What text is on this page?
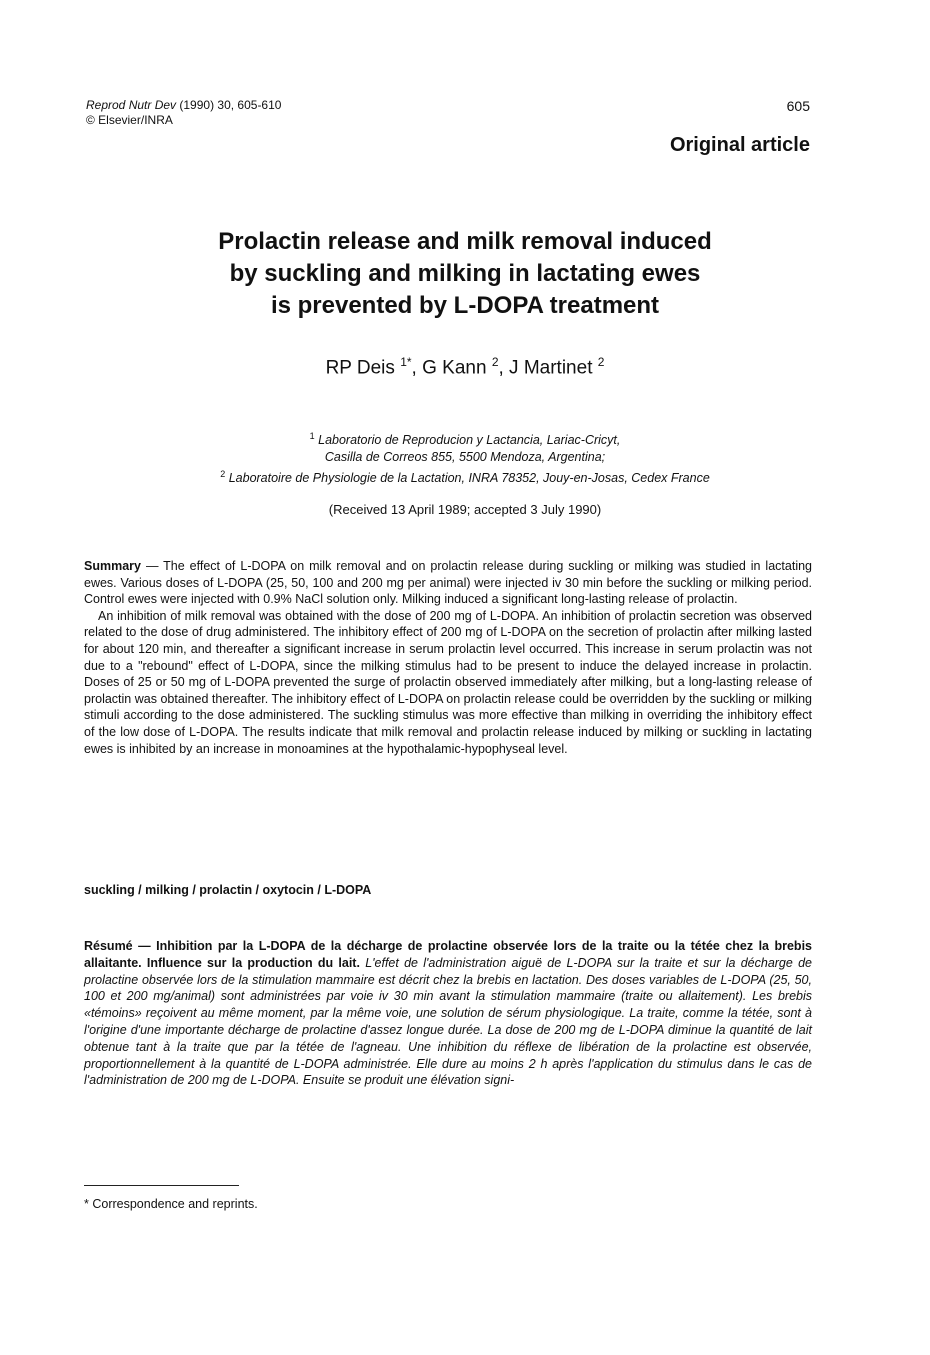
Reprod Nutr Dev (1990) 30, 605-610
© Elsevier/INRA
605
Original article
Prolactin release and milk removal induced
by suckling and milking in lactating ewes
is prevented by L-DOPA treatment
RP Deis $^{1*}$, G Kann $^2$, J Martinet $^2$
$^1$ Laboratorio de Reproducion y Lactancia, Lariac-Cricyt,
Casilla de Correos 855, 5500 Mendoza, Argentina;
$^2$ Laboratoire de Physiologie de la Lactation, INRA 78352, Jouy-en-Josas, Cedex France
(Received 13 April 1989; accepted 3 July 1990)

Summary — The effect of L-DOPA on milk removal and on prolactin release during suckling or milking was studied in lactating ewes. Various doses of L-DOPA (25, 50, 100 and 200 mg per animal) were injected iv 30 min before the suckling or milking period. Control ewes were injected with 0.9% NaCl solution only. Milking induced a significant long-lasting release of prolactin.

An inhibition of milk removal was obtained with the dose of 200 mg of L-DOPA. An inhibition of prolactin secretion was observed related to the dose of drug administered. The inhibitory effect of 200 mg of L-DOPA on the secretion of prolactin after milking lasted for about 120 min, and thereafter a significant increase in serum prolactin level occurred. This increase in serum prolactin was not due to a "rebound" effect of L-DOPA, since the milking stimulus had to be present to induce the delayed increase in prolactin. Doses of 25 or 50 mg of L-DOPA prevented the surge of prolactin observed immediately after milking, but a long-lasting release of prolactin was obtained thereafter. The inhibitory effect of L-DOPA on prolactin release could be overridden by the suckling or milking stimuli according to the dose administered. The suckling stimulus was more effective than milking in overriding the inhibitory effect of the low dose of L-DOPA. The results indicate that milk removal and prolactin release induced by milking or suckling in lactating ewes is inhibited by an increase in monoamines at the hypothalamic-hypophyseal level.

suckling / milking / prolactin / oxytocin / L-DOPA

Résumé — Inhibition par la L-DOPA de la décharge de prolactine observée lors de la traite ou la tétée chez la brebis allaitante. Influence sur la production du lait. L'effet de l'administration aiguë de L-DOPA sur la traite et sur la décharge de prolactine observée lors de la stimulation mammaire est décrit chez la brebis en lactation. Des doses variables de L-DOPA (25, 50, 100 et 200 mg/animal) sont administrées par voie iv 30 min avant la stimulation mammaire (traite ou allaitement). Les brebis «témoins» reçoivent au même moment, par la même voie, une solution de sérum physiologique. La traite, comme la tétée, sont à l'origine d'une importante décharge de prolactine d'assez longue durée. La dose de 200 mg de L-DOPA diminue la quantité de lait obtenue tant à la traite que par la tétée de l'agneau. Une inhibition du réflexe de libération de la prolactine est observée, proportionnellement à la quantité de L-DOPA administrée. Elle dure au moins 2 h après l'application du stimulus dans le cas de l'administration de 200 mg de L-DOPA. Ensuite se produit une élévation signi-

* Correspondence and reprints.
